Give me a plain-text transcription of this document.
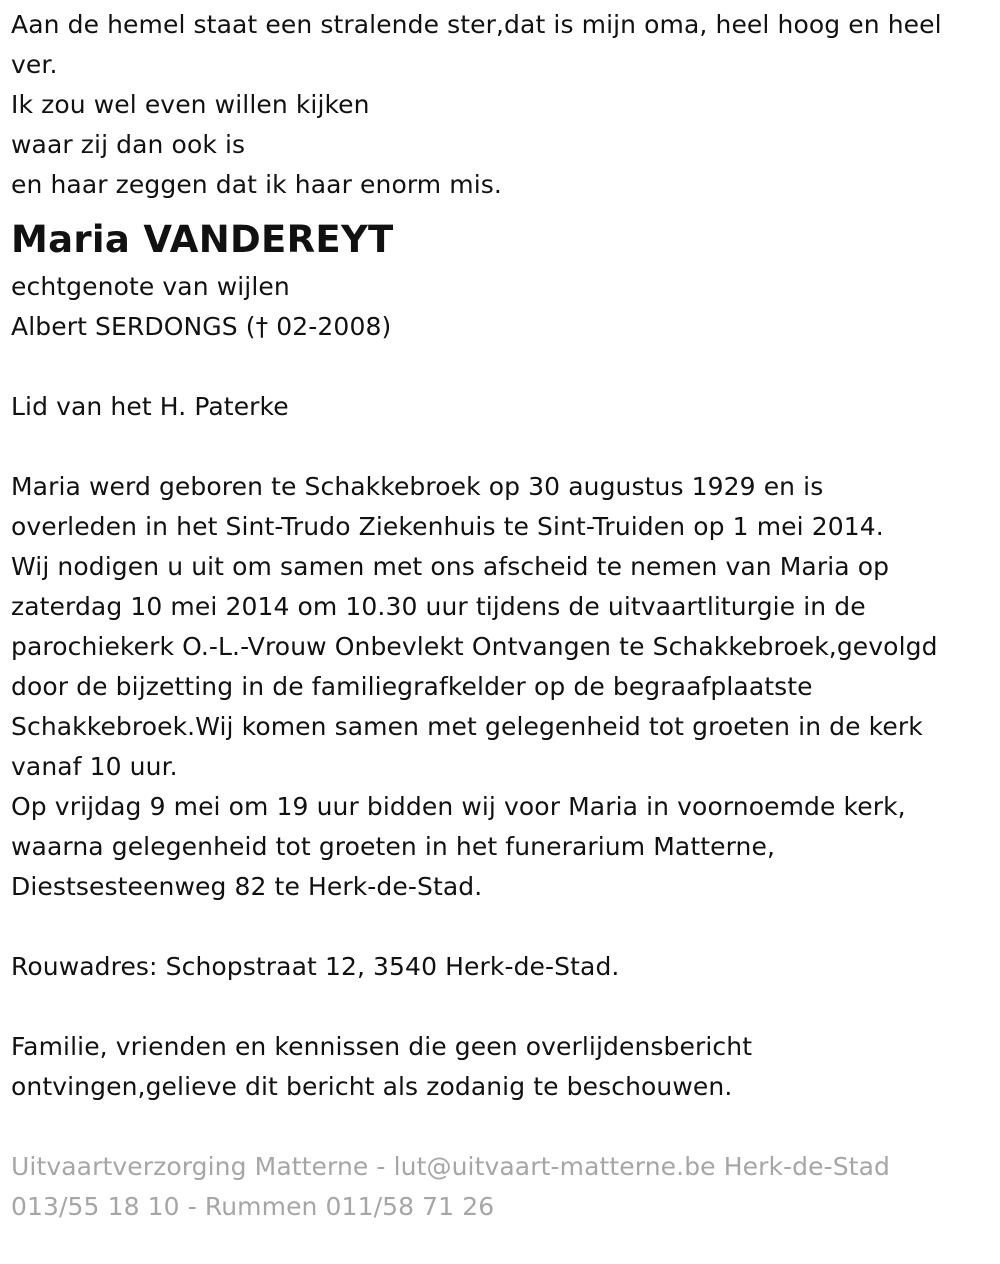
Aan de hemel staat een stralende ster,dat is mijn oma, heel hoog en heel
ver.
Ik zou wel even willen kijken
waar zij dan ook is
en haar zeggen dat ik haar enorm mis.
Maria VANDEREYT
echtgenote van wijlen
Albert SERDONGS († 02-2008)
Lid van het H. Paterke
Maria werd geboren te Schakkebroek op 30 augustus 1929 en is
overleden in het Sint-Trudo Ziekenhuis te Sint-Truiden op 1 mei 2014.
Wij nodigen u uit om samen met ons afscheid te nemen van Maria op
zaterdag 10 mei 2014 om 10.30 uur tijdens de uitvaartliturgie in de
parochiekerk O.-L.-Vrouw Onbevlekt Ontvangen te Schakkebroek,gevolgd
door de bijzetting in de familiegrafkelder op de begraafplaatste
Schakkebroek.Wij komen samen met gelegenheid tot groeten in de kerk
vanaf 10 uur.
Op vrijdag 9 mei om 19 uur bidden wij voor Maria in voornoemde kerk,
waarna gelegenheid tot groeten in het funerarium Matterne,
Diestsesteenweg 82 te Herk-de-Stad.
Rouwadres: Schopstraat 12, 3540 Herk-de-Stad.
Familie, vrienden en kennissen die geen overlijdensbericht
ontvingen,gelieve dit bericht als zodanig te beschouwen.
Uitvaartverzorging Matterne - lut@uitvaart-matterne.be Herk-de-Stad
013/55 18 10 - Rummen 011/58 71 26
